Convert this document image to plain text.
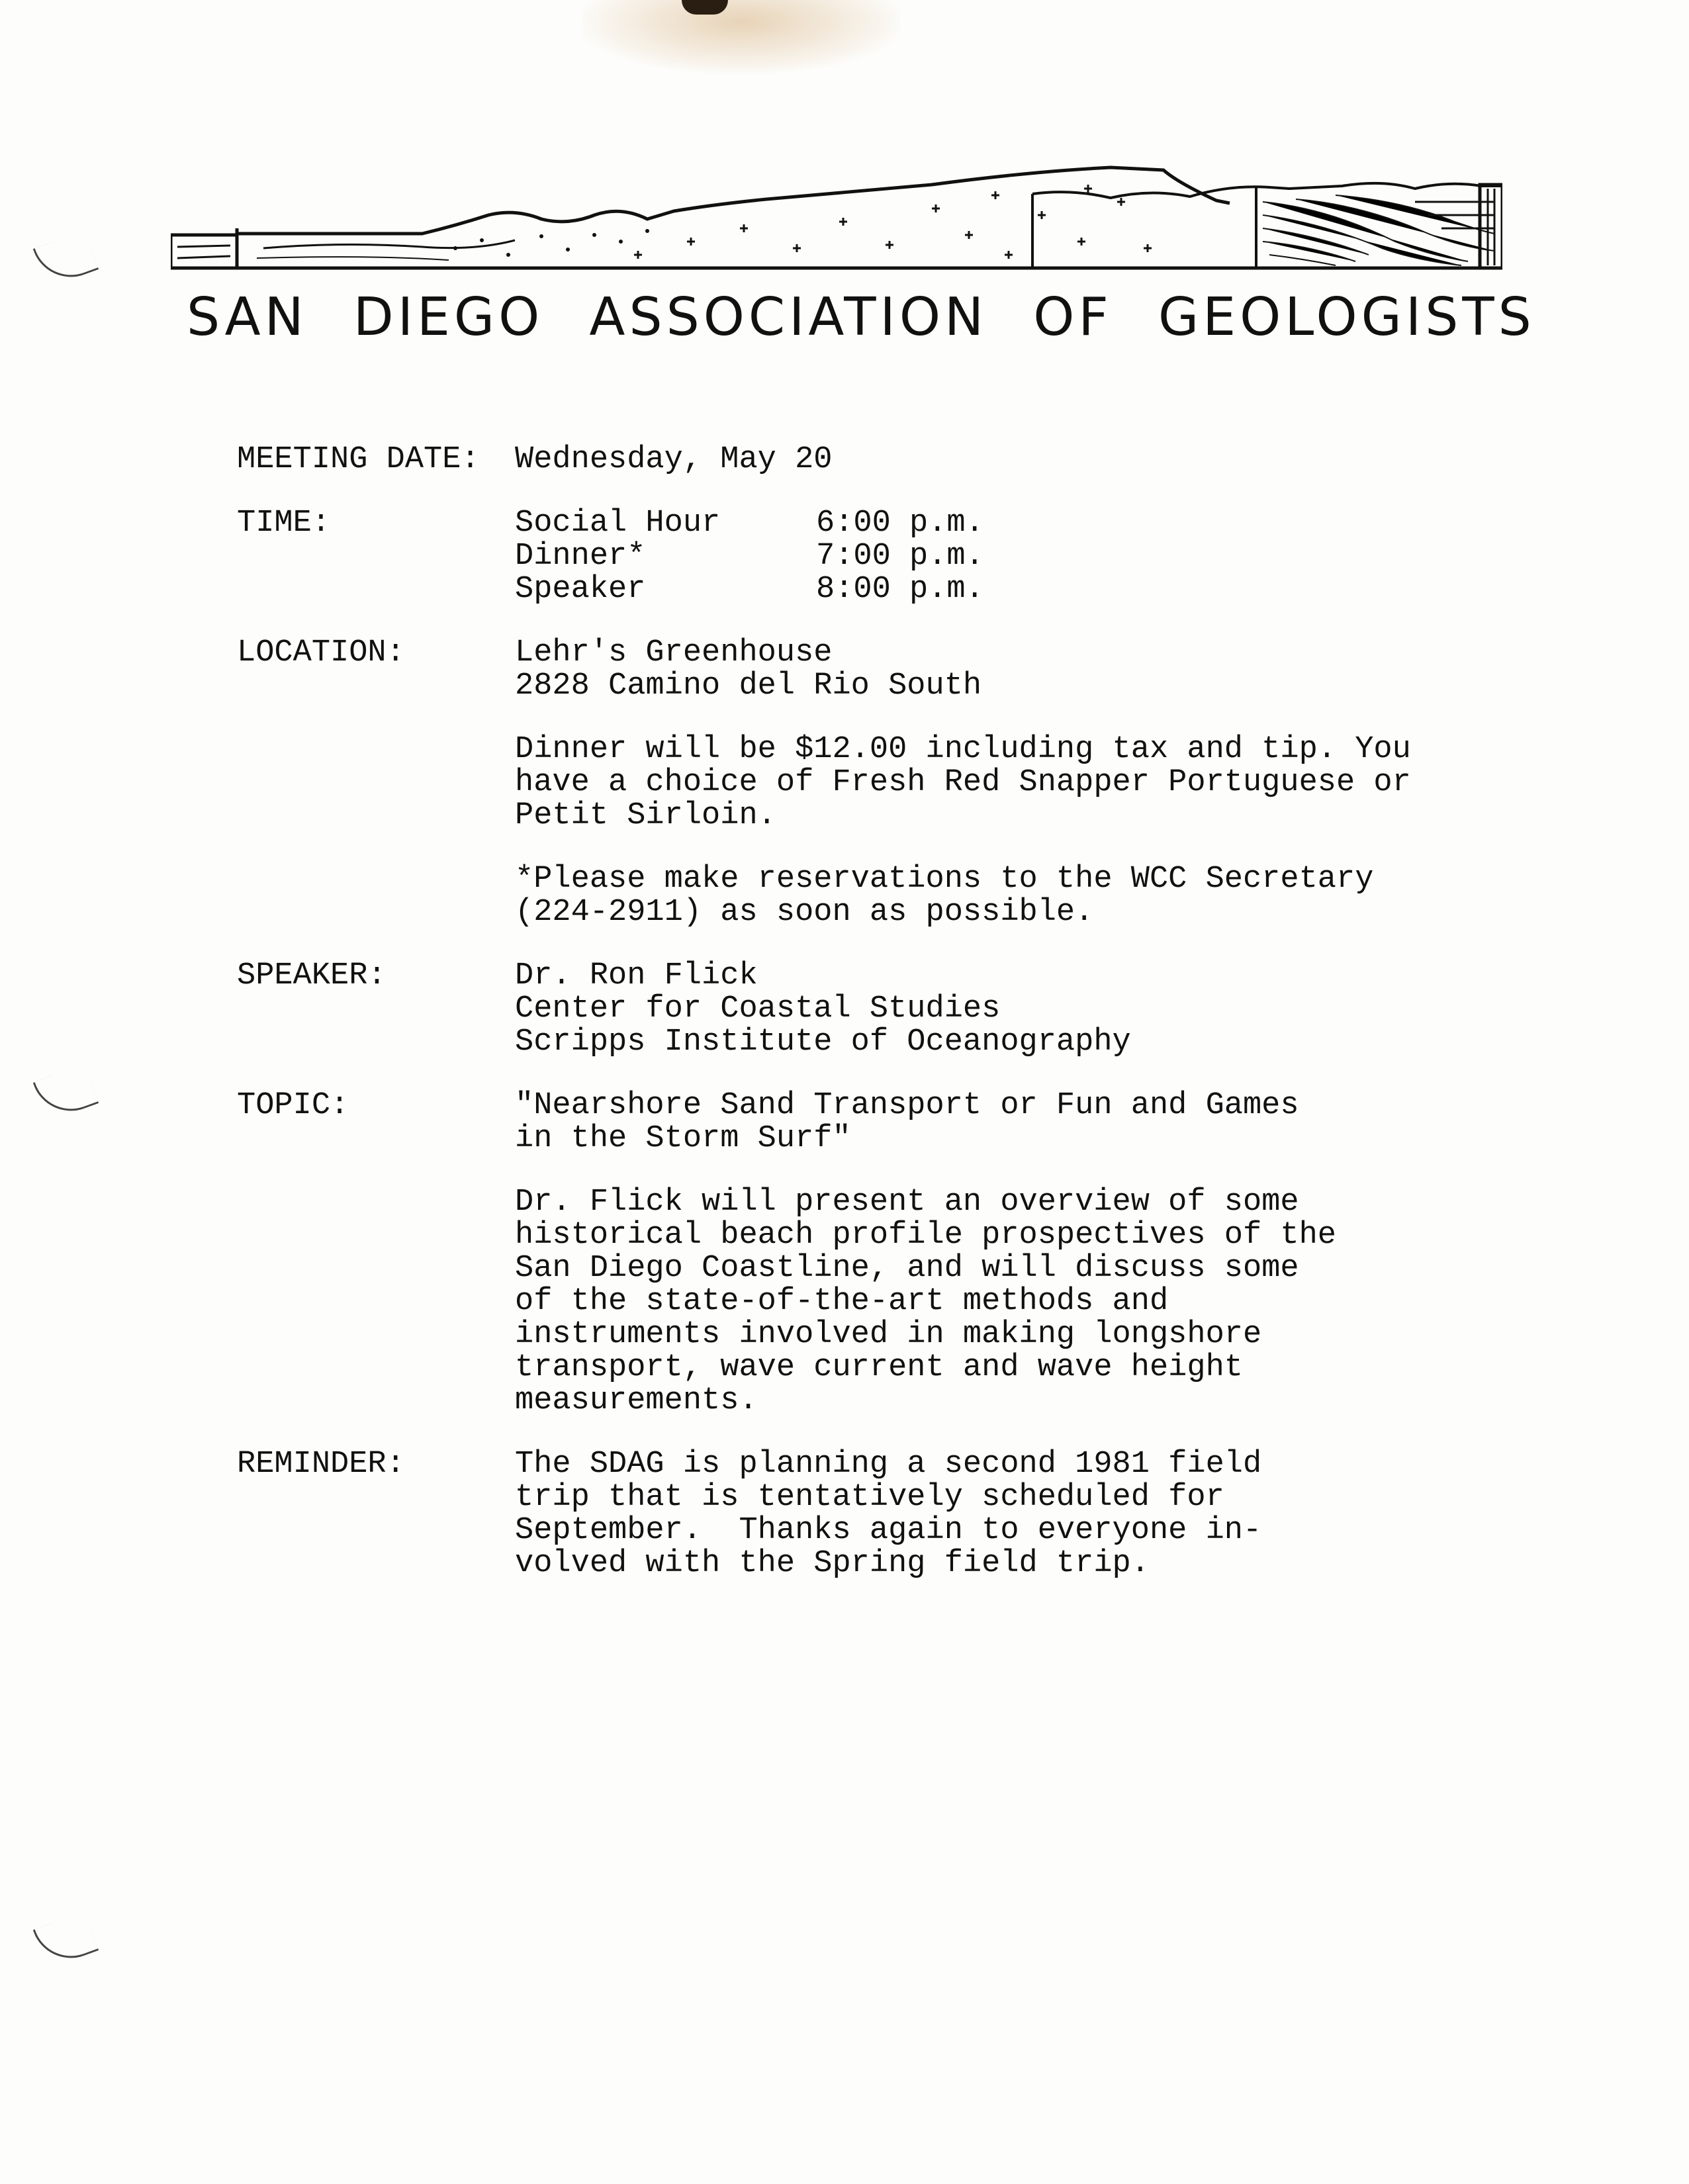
SAN DIEGO ASSOCIATION OF GEOLOGISTS
MEETING DATE:	Wednesday, May 20
TIME:	Social Hour	6:00 p.m.
Dinner*	7:00 p.m.
Speaker	8:00 p.m.
LOCATION:	Lehr's Greenhouse
2828 Camino del Rio South
Dinner will be $12.00 including tax and tip. You
have a choice of Fresh Red Snapper Portuguese or
Petit Sirloin.
*Please make reservations to the WCC Secretary
(224-2911) as soon as possible.
SPEAKER:	Dr. Ron Flick
Center for Coastal Studies
Scripps Institute of Oceanography
TOPIC:	"Nearshore Sand Transport or Fun and Games
in the Storm Surf"
Dr. Flick will present an overview of some
historical beach profile prospectives of the
San Diego Coastline, and will discuss some
of the state-of-the-art methods and
instruments involved in making longshore
transport, wave current and wave height
measurements.
REMINDER:	The SDAG is planning a second 1981 field
trip that is tentatively scheduled for
September.  Thanks again to everyone in-
volved with the Spring field trip.
